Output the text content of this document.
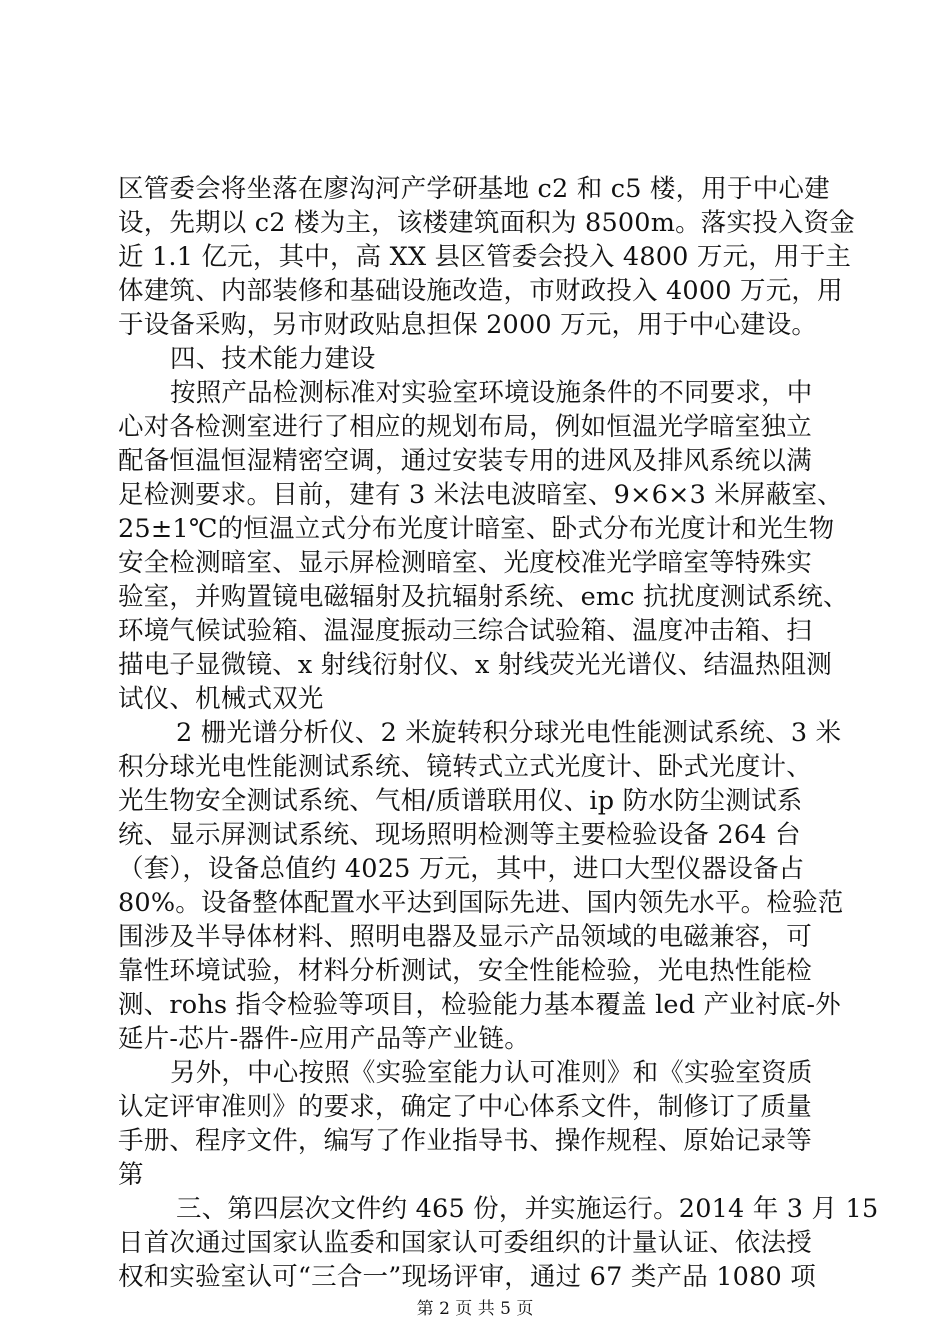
区管委会将坐落在廖沟河产学研基地 c2 和 c5 楼，用于中心建
设，先期以 c2 楼为主，该楼建筑面积为 8500m。落实投入资金
近 1.1 亿元，其中，高 XX 县区管委会投入 4800 万元，用于主
体建筑、内部装修和基础设施改造，市财政投入 4000 万元，用
于设备采购，另市财政贴息担保 2000 万元，用于中心建设。
四、技术能力建设
按照产品检测标准对实验室环境设施条件的不同要求，中
心对各检测室进行了相应的规划布局，例如恒温光学暗室独立
配备恒温恒湿精密空调，通过安装专用的进风及排风系统以满
足检测要求。目前，建有 3 米法电波暗室、9×6×3 米屏蔽室、
25±1℃的恒温立式分布光度计暗室、卧式分布光度计和光生物
安全检测暗室、显示屏检测暗室、光度校准光学暗室等特殊实
验室，并购置镜电磁辐射及抗辐射系统、emc 抗扰度测试系统、
环境气候试验箱、温湿度振动三综合试验箱、温度冲击箱、扫
描电子显微镜、x 射线衍射仪、x 射线荧光光谱仪、结温热阻测
试仪、机械式双光
2 栅光谱分析仪、2 米旋转积分球光电性能测试系统、3 米
积分球光电性能测试系统、镜转式立式光度计、卧式光度计、
光生物安全测试系统、气相/质谱联用仪、ip 防水防尘测试系
统、显示屏测试系统、现场照明检测等主要检验设备 264 台
（套），设备总值约 4025 万元，其中，进口大型仪器设备占
80%。设备整体配置水平达到国际先进、国内领先水平。检验范
围涉及半导体材料、照明电器及显示产品领域的电磁兼容，可
靠性环境试验，材料分析测试，安全性能检验，光电热性能检
测、rohs 指令检验等项目，检验能力基本覆盖 led 产业衬底-外
延片-芯片-器件-应用产品等产业链。
另外，中心按照《实验室能力认可准则》和《实验室资质
认定评审准则》的要求，确定了中心体系文件，制修订了质量
手册、程序文件，编写了作业指导书、操作规程、原始记录等
第
三、第四层次文件约 465 份，并实施运行。2014 年 3 月 15
日首次通过国家认监委和国家认可委组织的计量认证、依法授
权和实验室认可“三合一”现场评审，通过 67 类产品 1080 项
第 2 页 共 5 页
